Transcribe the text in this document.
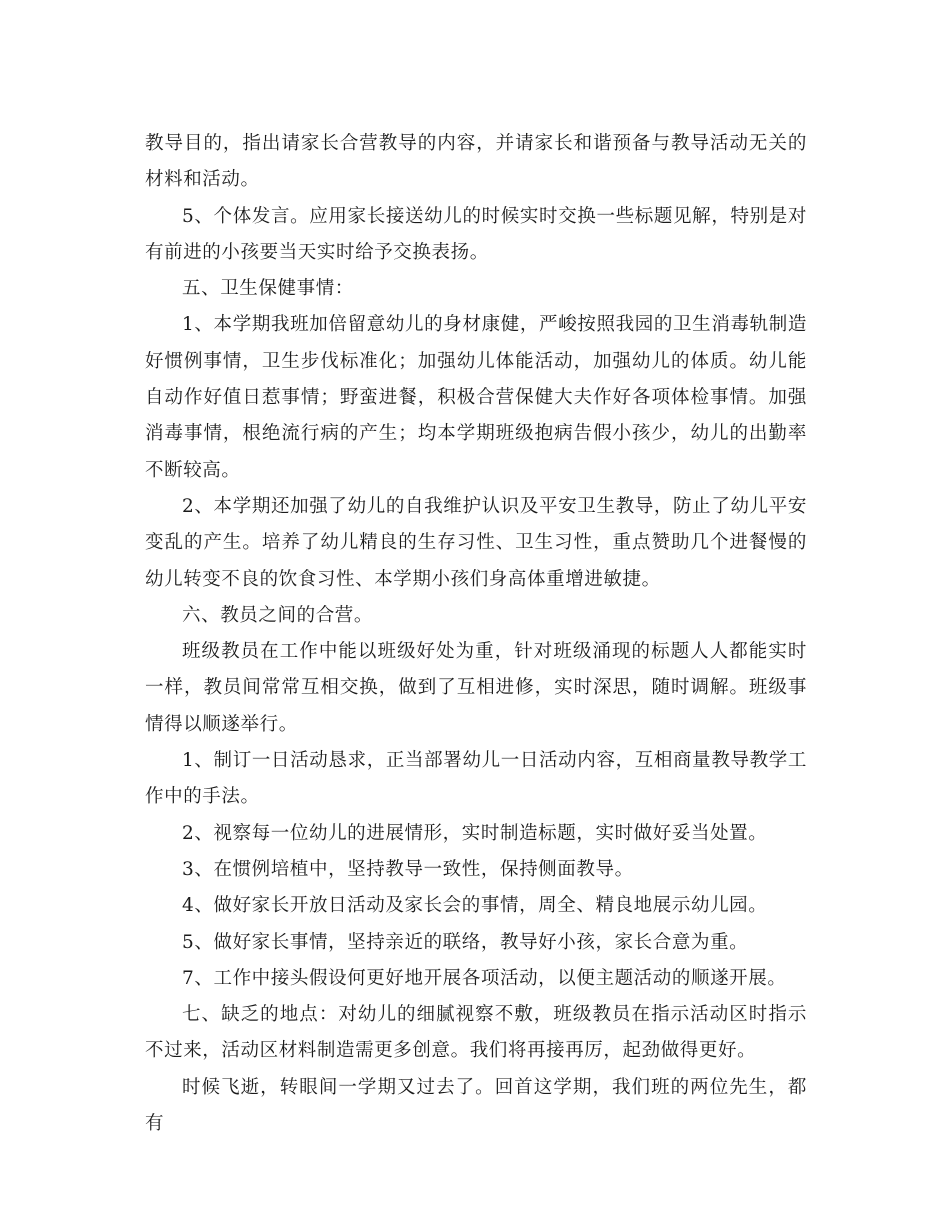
教导目的，指出请家长合营教导的内容，并请家长和谐预备与教导活动无关的材料和活动。

5、个体发言。应用家长接送幼儿的时候实时交换一些标题见解，特别是对有前进的小孩要当天实时给予交换表扬。

五、卫生保健事情：

1、本学期我班加倍留意幼儿的身材康健，严峻按照我园的卫生消毒轨制造好惯例事情，卫生步伐标准化；加强幼儿体能活动，加强幼儿的体质。幼儿能自动作好值日惹事情；野蛮进餐，积极合营保健大夫作好各项体检事情。加强消毒事情，根绝流行病的产生；均本学期班级抱病告假小孩少，幼儿的出勤率不断较高。

2、本学期还加强了幼儿的自我维护认识及平安卫生教导，防止了幼儿平安变乱的产生。培养了幼儿精良的生存习性、卫生习性，重点赞助几个进餐慢的幼儿转变不良的饮食习性、本学期小孩们身高体重增进敏捷。

六、教员之间的合营。

班级教员在工作中能以班级好处为重，针对班级涌现的标题人人都能实时一样，教员间常常互相交换，做到了互相进修，实时深思，随时调解。班级事情得以顺遂举行。

1、制订一日活动恳求，正当部署幼儿一日活动内容，互相商量教导教学工作中的手法。

2、视察每一位幼儿的进展情形，实时制造标题，实时做好妥当处置。

3、在惯例培植中，坚持教导一致性，保持侧面教导。

4、做好家长开放日活动及家长会的事情，周全、精良地展示幼儿园。

5、做好家长事情，坚持亲近的联络，教导好小孩，家长合意为重。

7、工作中接头假设何更好地开展各项活动，以便主题活动的顺遂开展。

七、缺乏的地点：对幼儿的细腻视察不敷，班级教员在指示活动区时指示不过来，活动区材料制造需更多创意。我们将再接再厉，起劲做得更好。

时候飞逝，转眼间一学期又过去了。回首这学期，我们班的两位先生，都有
